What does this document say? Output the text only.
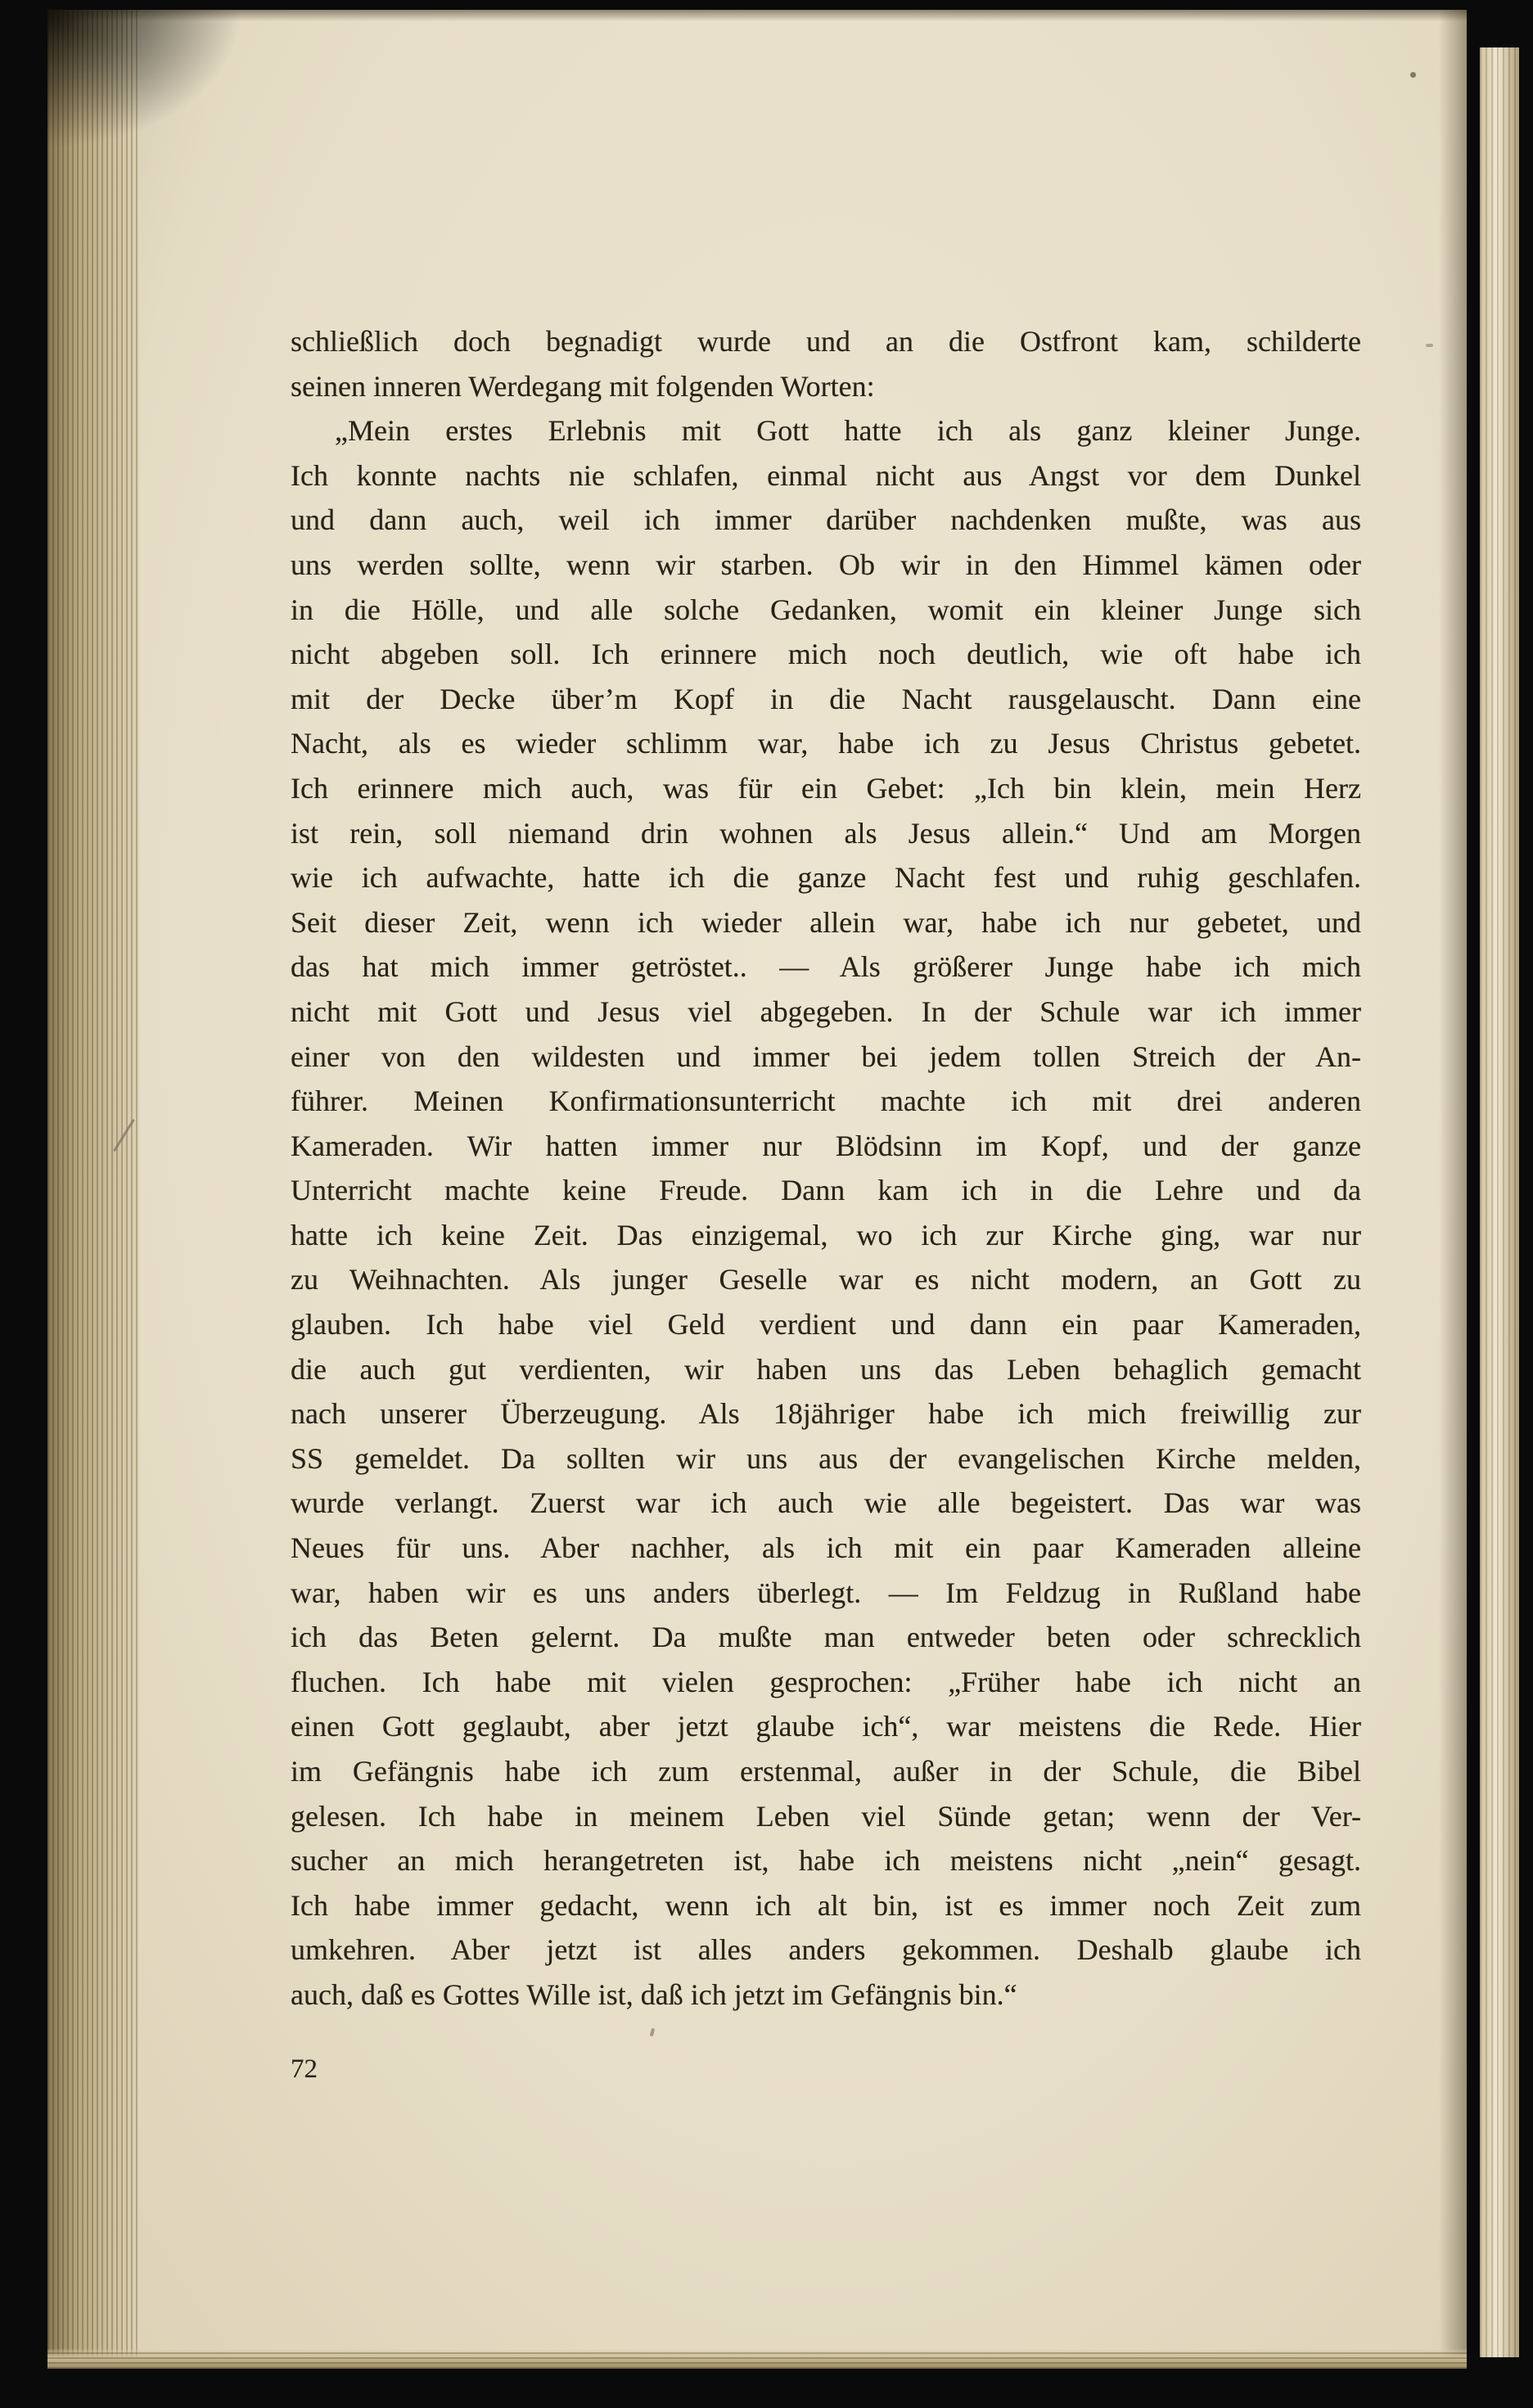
schließlich doch begnadigt wurde und an die Ostfront kam, schilderte
seinen inneren Werdegang mit folgenden Worten:
„Mein erstes Erlebnis mit Gott hatte ich als ganz kleiner Junge.
Ich konnte nachts nie schlafen, einmal nicht aus Angst vor dem Dunkel
und dann auch, weil ich immer darüber nachdenken mußte, was aus
uns werden sollte, wenn wir starben. Ob wir in den Himmel kämen oder
in die Hölle, und alle solche Gedanken, womit ein kleiner Junge sich
nicht abgeben soll. Ich erinnere mich noch deutlich, wie oft habe ich
mit der Decke über’m Kopf in die Nacht rausgelauscht. Dann eine
Nacht, als es wieder schlimm war, habe ich zu Jesus Christus gebetet.
Ich erinnere mich auch, was für ein Gebet: „Ich bin klein, mein Herz
ist rein, soll niemand drin wohnen als Jesus allein.“ Und am Morgen
wie ich aufwachte, hatte ich die ganze Nacht fest und ruhig geschlafen.
Seit dieser Zeit, wenn ich wieder allein war, habe ich nur gebetet, und
das hat mich immer getröstet.. — Als größerer Junge habe ich mich
nicht mit Gott und Jesus viel abgegeben. In der Schule war ich immer
einer von den wildesten und immer bei jedem tollen Streich der An-
führer. Meinen Konfirmationsunterricht machte ich mit drei anderen
Kameraden. Wir hatten immer nur Blödsinn im Kopf, und der ganze
Unterricht machte keine Freude. Dann kam ich in die Lehre und da
hatte ich keine Zeit. Das einzigemal, wo ich zur Kirche ging, war nur
zu Weihnachten. Als junger Geselle war es nicht modern, an Gott zu
glauben. Ich habe viel Geld verdient und dann ein paar Kameraden,
die auch gut verdienten, wir haben uns das Leben behaglich gemacht
nach unserer Überzeugung. Als 18jähriger habe ich mich freiwillig zur
SS gemeldet. Da sollten wir uns aus der evangelischen Kirche melden,
wurde verlangt. Zuerst war ich auch wie alle begeistert. Das war was
Neues für uns. Aber nachher, als ich mit ein paar Kameraden alleine
war, haben wir es uns anders überlegt. — Im Feldzug in Rußland habe
ich das Beten gelernt. Da mußte man entweder beten oder schrecklich
fluchen. Ich habe mit vielen gesprochen: „Früher habe ich nicht an
einen Gott geglaubt, aber jetzt glaube ich“, war meistens die Rede. Hier
im Gefängnis habe ich zum erstenmal, außer in der Schule, die Bibel
gelesen. Ich habe in meinem Leben viel Sünde getan; wenn der Ver-
sucher an mich herangetreten ist, habe ich meistens nicht „nein“ gesagt.
Ich habe immer gedacht, wenn ich alt bin, ist es immer noch Zeit zum
umkehren. Aber jetzt ist alles anders gekommen. Deshalb glaube ich
auch, daß es Gottes Wille ist, daß ich jetzt im Gefängnis bin.“
72
